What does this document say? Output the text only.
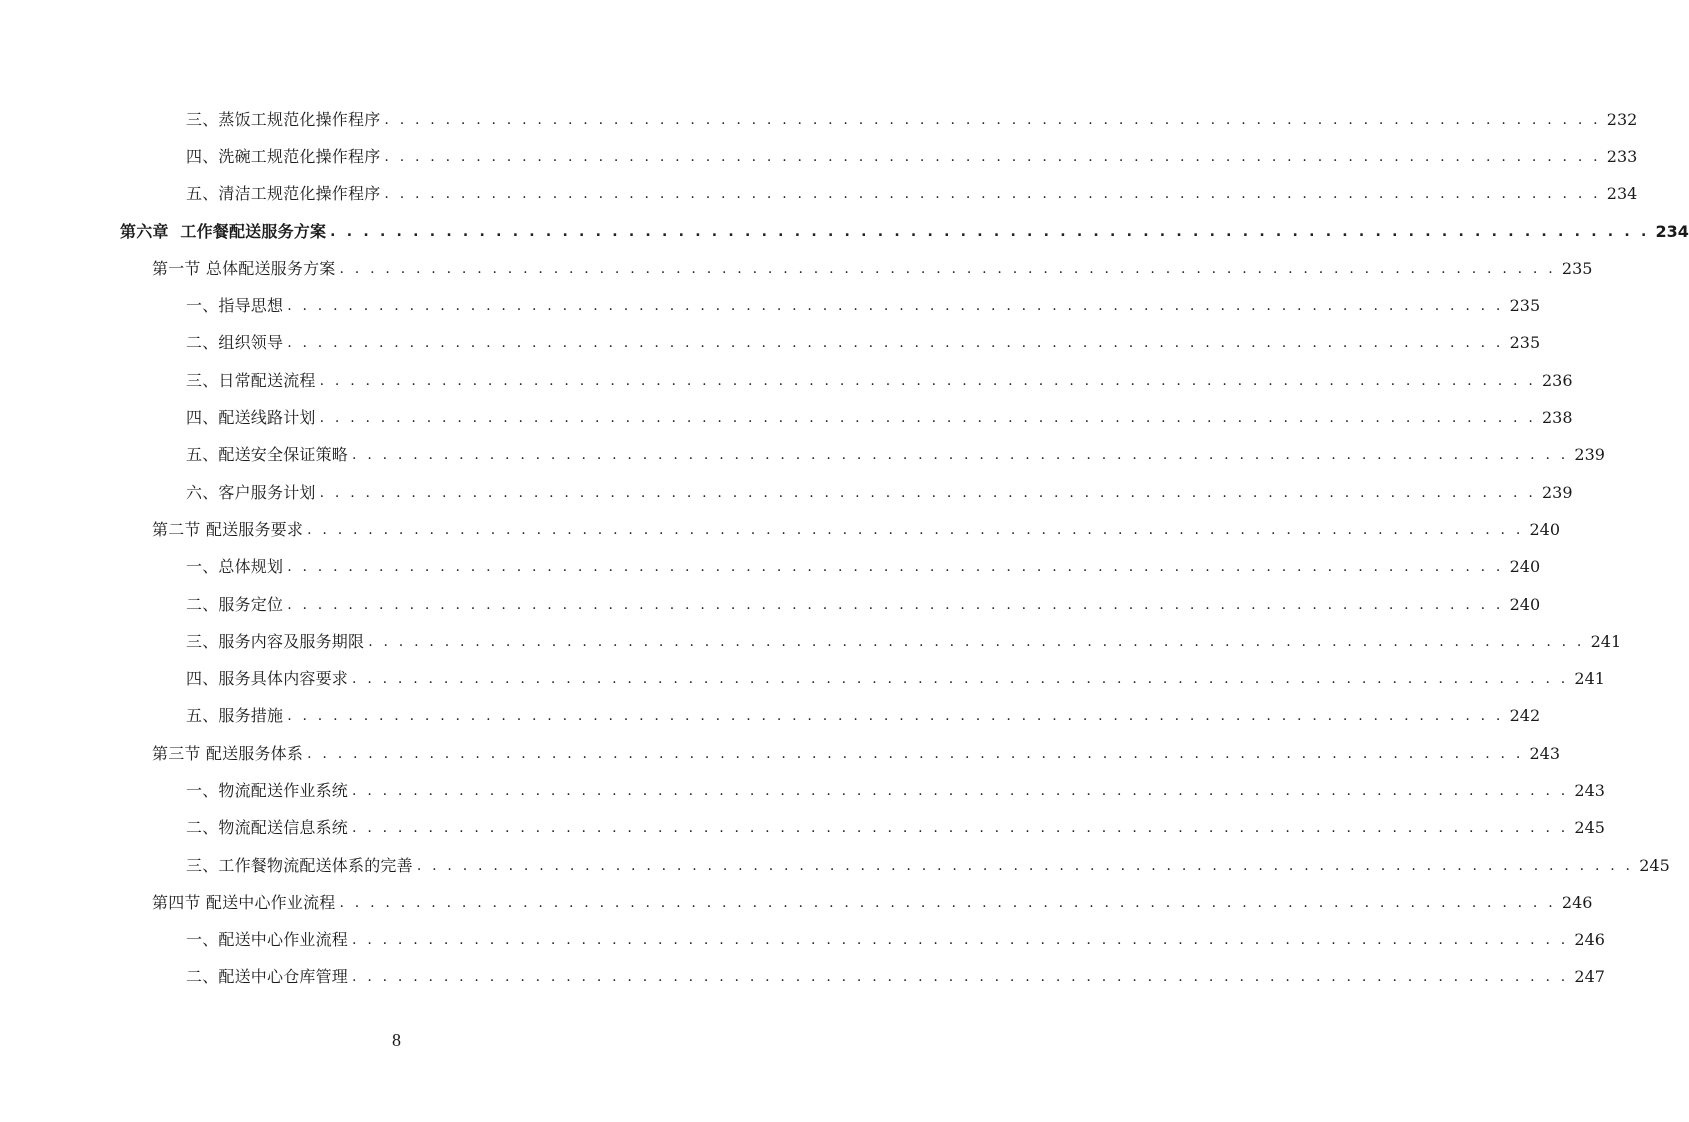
三、蒸饭工规范化操作程序 . . . . . . . . . . . . . . . . . . . . . . . . . . . . . . . . . . . . . . . . . . . . . . . . . . . . . . . . . . . . . . . . . . . . . . . . . . . . . . . . 232
四、洗碗工规范化操作程序 . . . . . . . . . . . . . . . . . . . . . . . . . . . . . . . . . . . . . . . . . . . . . . . . . . . . . . . . . . . . . . . . . . . . . . . . . . . . . . . . 233
五、清洁工规范化操作程序 . . . . . . . . . . . . . . . . . . . . . . . . . . . . . . . . . . . . . . . . . . . . . . . . . . . . . . . . . . . . . . . . . . . . . . . . . . . . . . . . 234
第六章 工作餐配送服务方案 . . . . . . . . . . . . . . . . . . . . . . . . . . . . . . . . . . . . . . . . . . . . . . . . . . . . . . . . . . . . . . . . . . . . . . . . . . . . . . . . 234
第一节 总体配送服务方案 . . . . . . . . . . . . . . . . . . . . . . . . . . . . . . . . . . . . . . . . . . . . . . . . . . . . . . . . . . . . . . . . . . . . . . . . . . . . . . . . 235
一、指导思想 . . . . . . . . . . . . . . . . . . . . . . . . . . . . . . . . . . . . . . . . . . . . . . . . . . . . . . . . . . . . . . . . . . . . . . . . . . . . . . . . 235
二、组织领导 . . . . . . . . . . . . . . . . . . . . . . . . . . . . . . . . . . . . . . . . . . . . . . . . . . . . . . . . . . . . . . . . . . . . . . . . . . . . . . . . 235
三、日常配送流程 . . . . . . . . . . . . . . . . . . . . . . . . . . . . . . . . . . . . . . . . . . . . . . . . . . . . . . . . . . . . . . . . . . . . . . . . . . . . . . . . 236
四、配送线路计划 . . . . . . . . . . . . . . . . . . . . . . . . . . . . . . . . . . . . . . . . . . . . . . . . . . . . . . . . . . . . . . . . . . . . . . . . . . . . . . . . 238
五、配送安全保证策略 . . . . . . . . . . . . . . . . . . . . . . . . . . . . . . . . . . . . . . . . . . . . . . . . . . . . . . . . . . . . . . . . . . . . . . . . . . . . . . . . 239
六、客户服务计划 . . . . . . . . . . . . . . . . . . . . . . . . . . . . . . . . . . . . . . . . . . . . . . . . . . . . . . . . . . . . . . . . . . . . . . . . . . . . . . . . 239
第二节 配送服务要求 . . . . . . . . . . . . . . . . . . . . . . . . . . . . . . . . . . . . . . . . . . . . . . . . . . . . . . . . . . . . . . . . . . . . . . . . . . . . . . . . 240
一、总体规划 . . . . . . . . . . . . . . . . . . . . . . . . . . . . . . . . . . . . . . . . . . . . . . . . . . . . . . . . . . . . . . . . . . . . . . . . . . . . . . . . 240
二、服务定位 . . . . . . . . . . . . . . . . . . . . . . . . . . . . . . . . . . . . . . . . . . . . . . . . . . . . . . . . . . . . . . . . . . . . . . . . . . . . . . . . 240
三、服务内容及服务期限 . . . . . . . . . . . . . . . . . . . . . . . . . . . . . . . . . . . . . . . . . . . . . . . . . . . . . . . . . . . . . . . . . . . . . . . . . . . . . . . . 241
四、服务具体内容要求 . . . . . . . . . . . . . . . . . . . . . . . . . . . . . . . . . . . . . . . . . . . . . . . . . . . . . . . . . . . . . . . . . . . . . . . . . . . . . . . . 241
五、服务措施 . . . . . . . . . . . . . . . . . . . . . . . . . . . . . . . . . . . . . . . . . . . . . . . . . . . . . . . . . . . . . . . . . . . . . . . . . . . . . . . . 242
第三节 配送服务体系 . . . . . . . . . . . . . . . . . . . . . . . . . . . . . . . . . . . . . . . . . . . . . . . . . . . . . . . . . . . . . . . . . . . . . . . . . . . . . . . . 243
一、物流配送作业系统 . . . . . . . . . . . . . . . . . . . . . . . . . . . . . . . . . . . . . . . . . . . . . . . . . . . . . . . . . . . . . . . . . . . . . . . . . . . . . . . . 243
二、物流配送信息系统 . . . . . . . . . . . . . . . . . . . . . . . . . . . . . . . . . . . . . . . . . . . . . . . . . . . . . . . . . . . . . . . . . . . . . . . . . . . . . . . . 245
三、工作餐物流配送体系的完善 . . . . . . . . . . . . . . . . . . . . . . . . . . . . . . . . . . . . . . . . . . . . . . . . . . . . . . . . . . . . . . . . . . . . . . . . . . . . . . . . 245
第四节 配送中心作业流程 . . . . . . . . . . . . . . . . . . . . . . . . . . . . . . . . . . . . . . . . . . . . . . . . . . . . . . . . . . . . . . . . . . . . . . . . . . . . . . . . 246
一、配送中心作业流程 . . . . . . . . . . . . . . . . . . . . . . . . . . . . . . . . . . . . . . . . . . . . . . . . . . . . . . . . . . . . . . . . . . . . . . . . . . . . . . . . 246
二、配送中心仓库管理 . . . . . . . . . . . . . . . . . . . . . . . . . . . . . . . . . . . . . . . . . . . . . . . . . . . . . . . . . . . . . . . . . . . . . . . . . . . . . . . . 247
8
